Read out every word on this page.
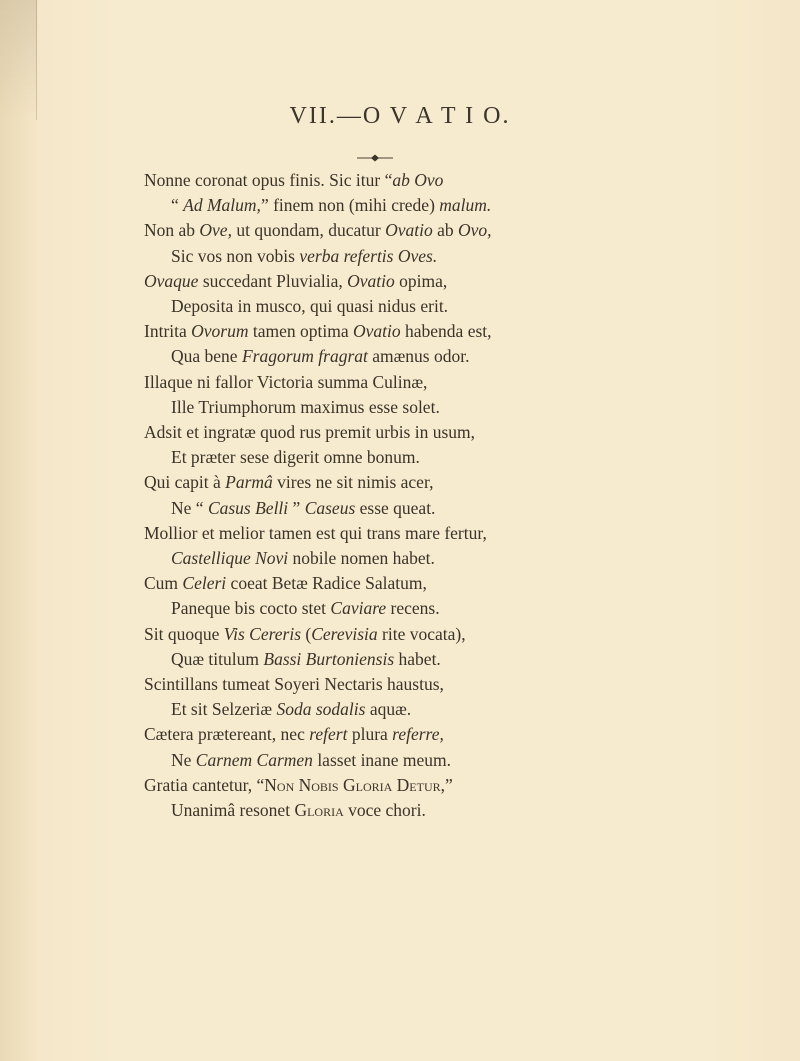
VII.—O V A T I O.
Nonne coronat opus finis. Sic itur “ab Ovo
“ Ad Malum,” finem non (mihi crede) malum.
Non ab Ove, ut quondam, ducatur Ovatio ab Ovo,
Sic vos non vobis verba refertis Oves.
Ovaque succedant Pluvialia, Ovatio opima,
Deposita in musco, qui quasi nidus erit.
Intrita Ovorum tamen optima Ovatio habenda est,
Qua bene Fragorum fragrat amænus odor.
Illaque ni fallor Victoria summa Culinæ,
Ille Triumphorum maximus esse solet.
Adsit et ingratæ quod rus premit urbis in usum,
Et præter sese digerit omne bonum.
Qui capit à Parmâ vires ne sit nimis acer,
Ne “ Casus Belli ” Caseus esse queat.
Mollior et melior tamen est qui trans mare fertur,
Castellique Novi nobile nomen habet.
Cum Celeri coeat Betæ Radice Salatum,
Paneque bis cocto stet Caviare recens.
Sit quoque Vis Cereris (Cerevisia rite vocata),
Quæ titulum Bassi Burtoniensis habet.
Scintillans tumeat Soyeri Nectaris haustus,
Et sit Selzeriæ Soda sodalis aquæ.
Cætera prætereant, nec refert plura referre,
Ne Carnem Carmen lasset inane meum.
Gratia cantetur, “Non Nobis Gloria Detur,”
Unanimâ resonet Gloria voce chori.
